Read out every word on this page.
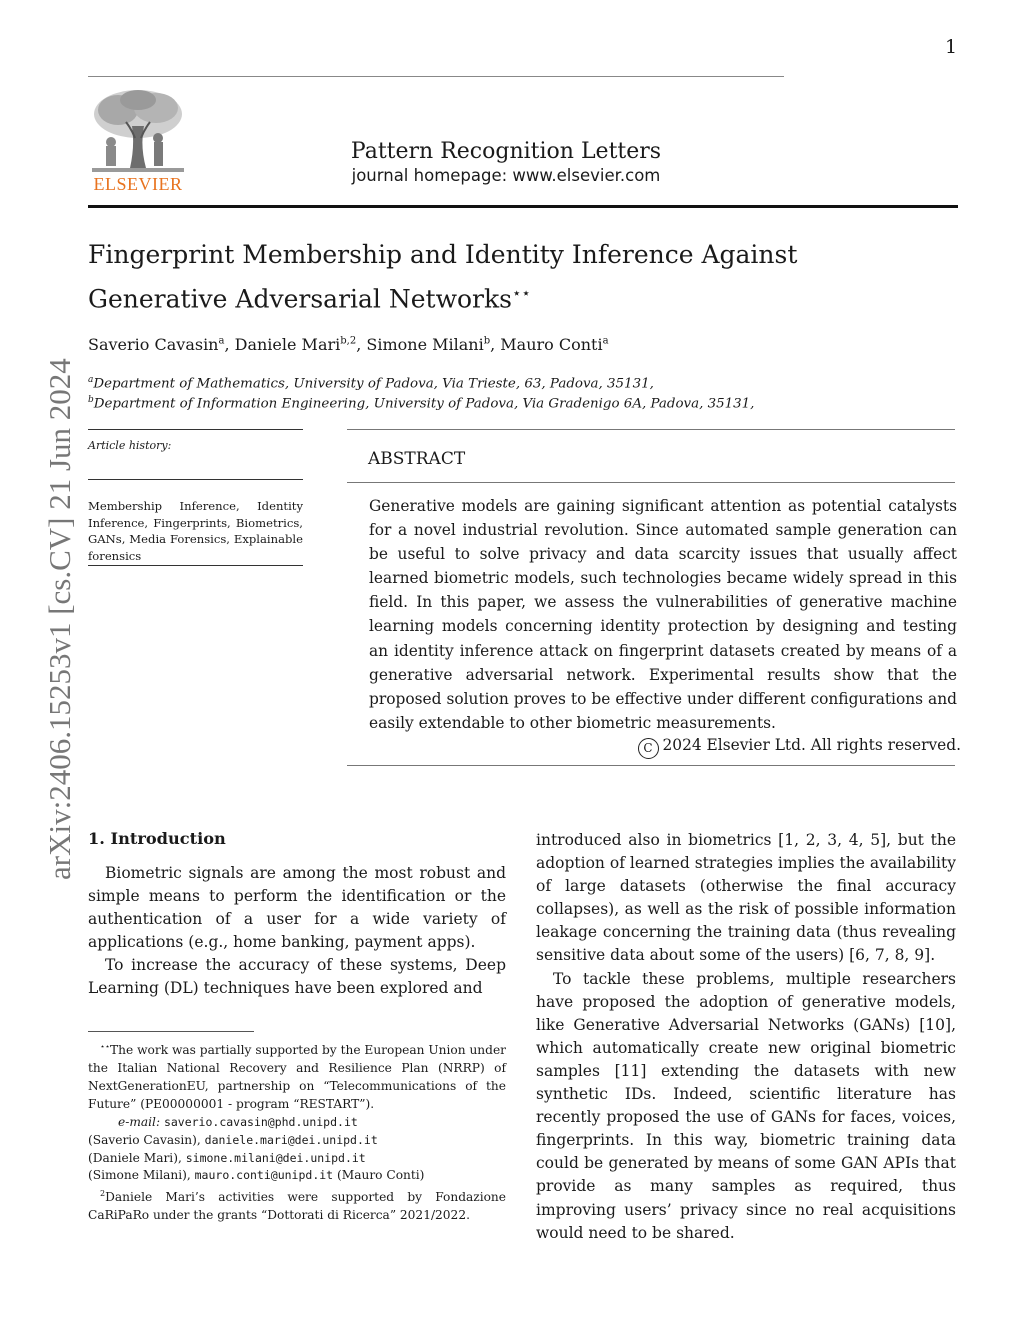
1
ELSEVIER
Pattern Recognition Letters
journal homepage: www.elsevier.com
Fingerprint Membership and Identity Inference Against
Generative Adversarial Networks⋆⋆
Saverio Cavasin$^a$, Daniele Mari$^{b,2}$, Simone Milani$^b$, Mauro Conti$^a$
$^a$Department of Mathematics, University of Padova, Via Trieste, 63, Padova, 35131,
$^b$Department of Information Engineering, University of Padova, Via Gradenigo 6A, Padova, 35131,
arXiv:2406.15253v1 [cs.CV] 21 Jun 2024 Article history:
Membership Inference, Identity Inference, Fingerprints, Biometrics, GANs, Media Forensics, Explainable forensics
ABSTRACT
Generative models are gaining significant attention as potential catalysts for a novel industrial revolution. Since automated sample generation can be useful to solve privacy and data scarcity issues that usually affect learned biometric models, such technologies became widely spread in this field. In this paper, we assess the vulnerabilities of generative machine learning models concerning identity protection by designing and testing an identity inference attack on fingerprint datasets created by means of a generative adversarial network. Experimental results show that the proposed solution proves to be effective under different configurations and easily extendable to other biometric measurements.
C 2024 Elsevier Ltd. All rights reserved.
1. Introduction

Biometric signals are among the most robust and simple means to perform the identification or the authentication of a user for a wide variety of applications (e.g., home banking, payment apps).

To increase the accuracy of these systems, Deep Learning (DL) techniques have been explored and

introduced also in biometrics [1, 2, 3, 4, 5], but the adoption of learned strategies implies the availability of large datasets (otherwise the final accuracy collapses), as well as the risk of possible information leakage concerning the training data (thus revealing sensitive data about some of the users) [6, 7, 8, 9].

To tackle these problems, multiple researchers have proposed the adoption of generative models, like Generative Adversarial Networks (GANs) [10], which automatically create new original biometric samples [11] extending the datasets with new synthetic IDs. Indeed, scientific literature has recently proposed the use of GANs for faces, voices, fingerprints. In this way, biometric training data could be generated by means of some GAN APIs that provide as many samples as required, thus improving users’ privacy since no real acquisitions would need to be shared.

⋆⋆The work was partially supported by the European Union under the Italian National Recovery and Resilience Plan (NRRP) of NextGenerationEU, partnership on “Telecommunications of the Future” (PE00000001 - program “RESTART”).

e-mail: saverio.cavasin@phd.unipd.it
(Saverio Cavasin), daniele.mari@dei.unipd.it
(Daniele Mari), simone.milani@dei.unipd.it
(Simone Milani), mauro.conti@unipd.it (Mauro Conti)

$^2$Daniele Mari’s activities were supported by Fondazione CaRiPaRo under the grants “Dottorati di Ricerca” 2021/2022.
